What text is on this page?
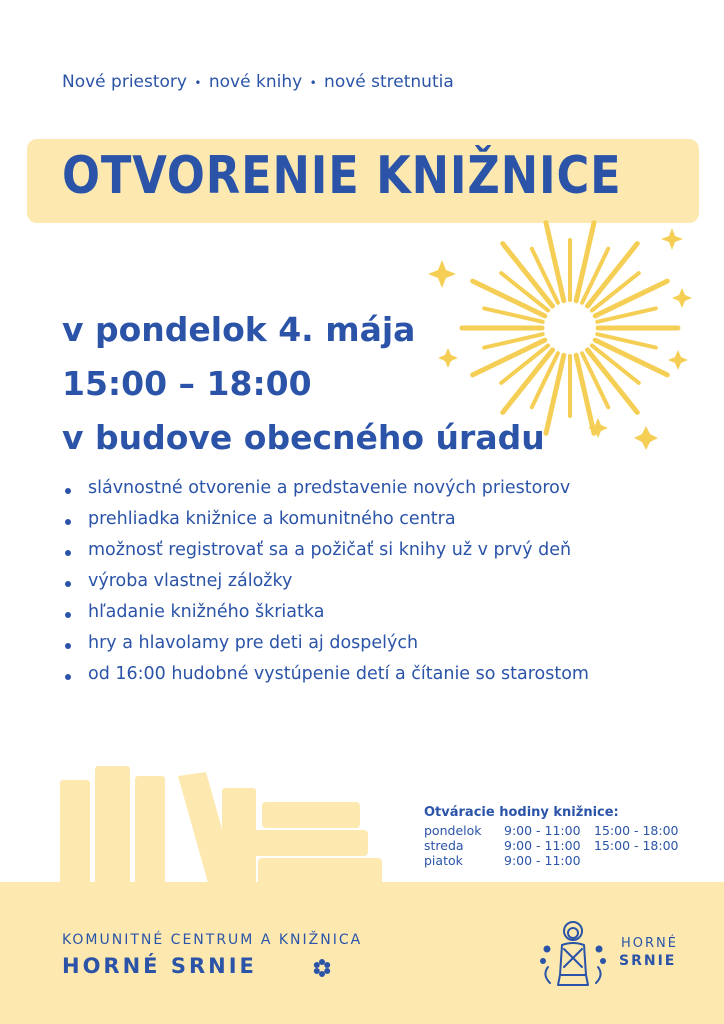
Nové priestory • nové knihy • nové stretnutia
OTVORENIE KNIŽNICE
v pondelok 4. mája
15:00 – 18:00
v budove obecného úradu
slávnostné otvorenie a predstavenie nových priestorov
prehliadka knižnice a komunitného centra
možnosť registrovať sa a požičať si knihy už v prvý deň
výroba vlastnej záložky
hľadanie knižného škriatka
hry a hlavolamy pre deti aj dospelých
od 16:00 hudobné vystúpenie detí a čítanie so starostom
Otváracie hodiny knižnice:
pondelok	9:00 - 11:00	15:00 - 18:00
streda	9:00 - 11:00	15:00 - 18:00
piatok	9:00 - 11:00	
KOMUNITNÉ CENTRUM A KNIŽNICA
HORNÉ SRNIE
HORNÉ
SRNIE
